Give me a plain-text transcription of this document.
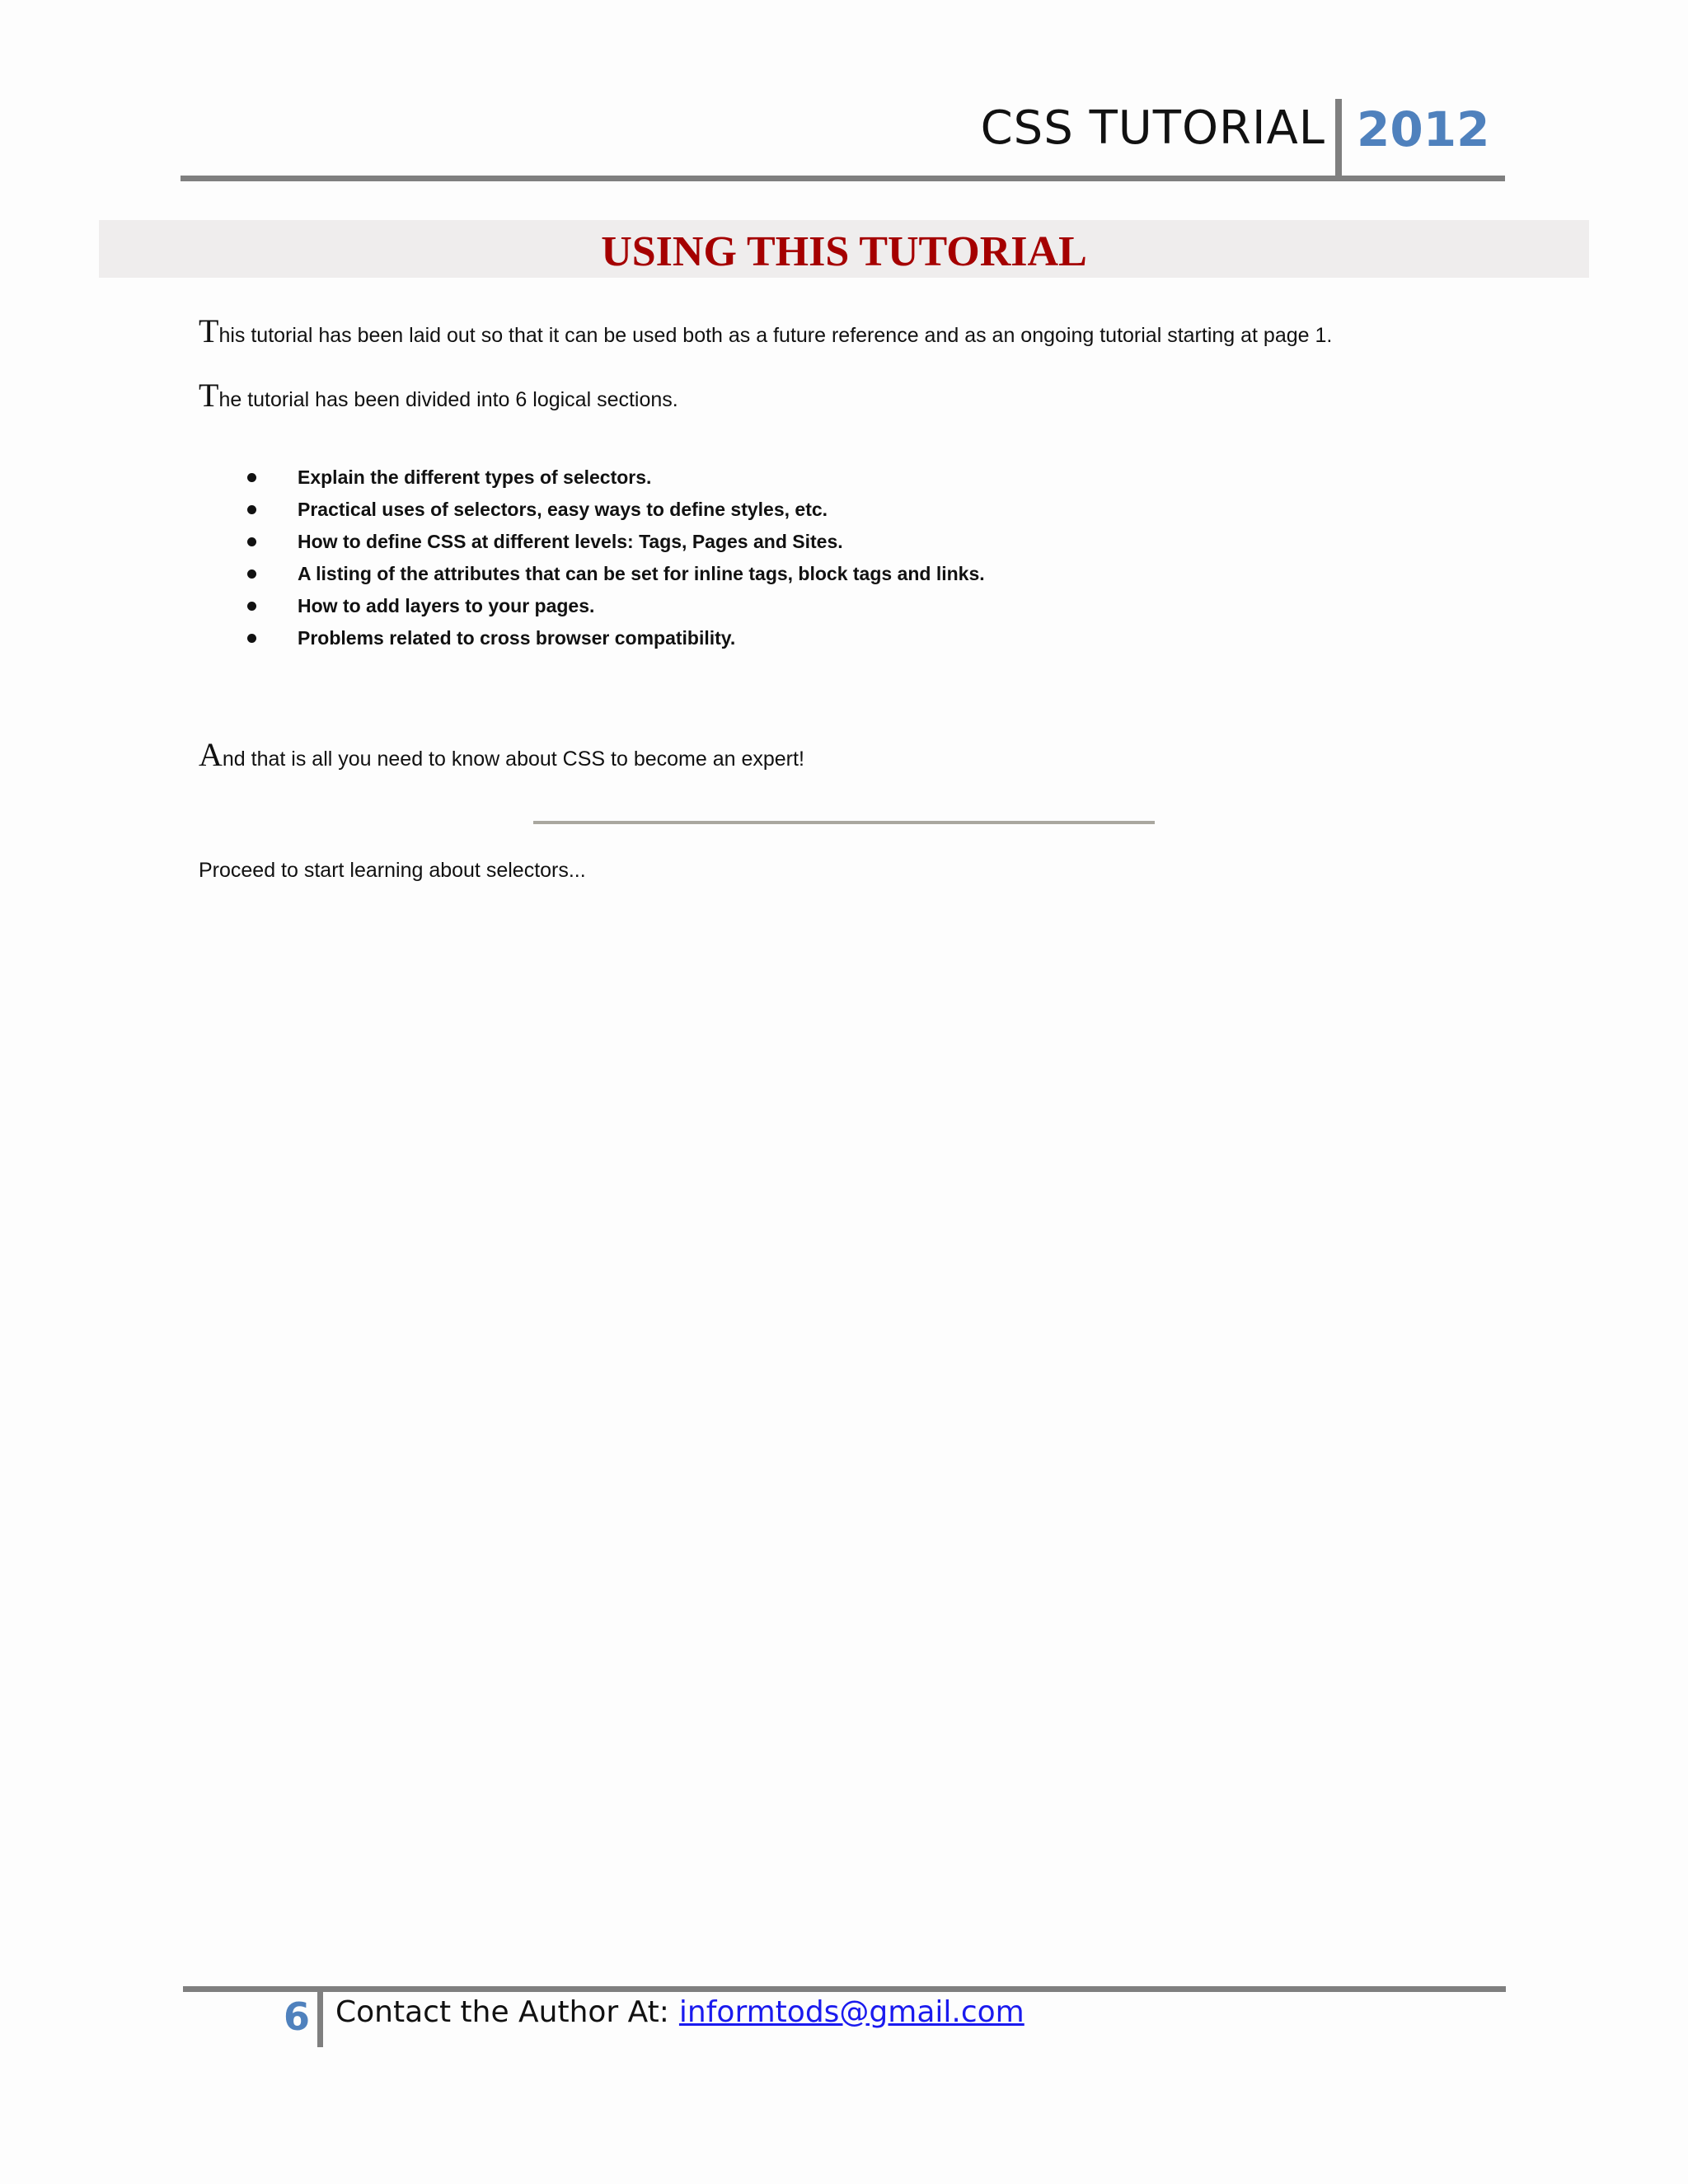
CSS TUTORIAL 2012
USING THIS TUTORIAL
This tutorial has been laid out so that it can be used both as a future reference and as an ongoing tutorial starting at page 1.
The tutorial has been divided into 6 logical sections.
Explain the different types of selectors.
Practical uses of selectors, easy ways to define styles, etc.
How to define CSS at different levels: Tags, Pages and Sites.
A listing of the attributes that can be set for inline tags, block tags and links.
How to add layers to your pages.
Problems related to cross browser compatibility.
And that is all you need to know about CSS to become an expert!
Proceed to start learning about selectors...
6 Contact the Author At: informtods@gmail.com
